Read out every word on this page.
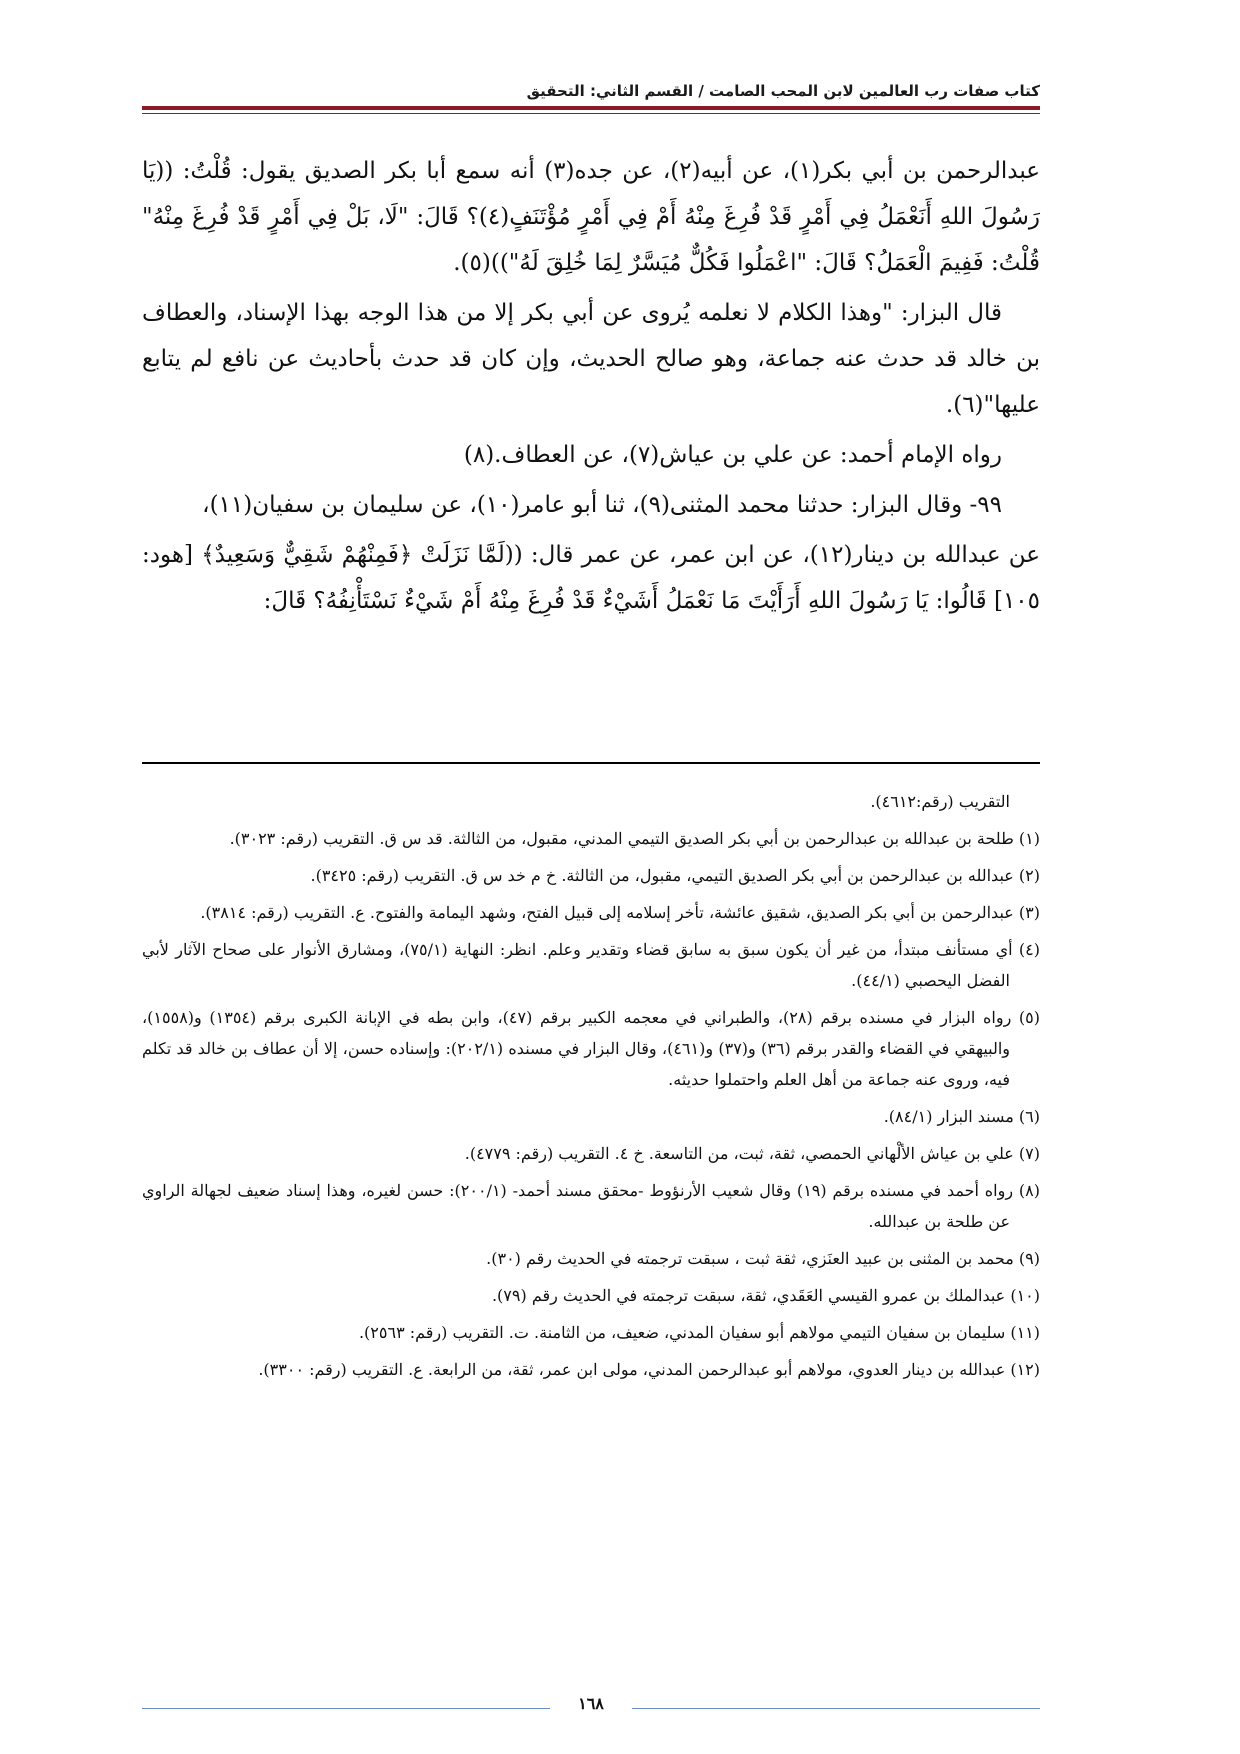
كتاب صفات رب العالمين لابن المحب الصامت / القسم الثاني: التحقيق

عبدالرحمن بن أبي بكر(١)، عن أبيه(٢)، عن جده(٣) أنه سمع أبا بكر الصديق يقول: قُلْتُ: ((يَا رَسُولَ اللهِ أَنَعْمَلُ فِي أَمْرٍ قَدْ فُرِغَ مِنْهُ أَمْ فِي أَمْرٍ مُؤْتَنَفٍ(٤)؟ قَالَ: "لَا، بَلْ فِي أَمْرٍ قَدْ فُرِغَ مِنْهُ" قُلْتُ: فَفِيمَ الْعَمَلُ؟ قَالَ: "اعْمَلُوا فَكُلٌّ مُيَسَّرٌ لِمَا خُلِقَ لَهُ"))(٥).

قال البزار: "وهذا الكلام لا نعلمه يُروى عن أبي بكر إلا من هذا الوجه بهذا الإسناد، والعطاف بن خالد قد حدث عنه جماعة، وهو صالح الحديث، وإن كان قد حدث بأحاديث عن نافع لم يتابع عليها"(٦).

رواه الإمام أحمد: عن علي بن عياش(٧)، عن العطاف.(٨)

٩٩- وقال البزار: حدثنا محمد المثنى(٩)، ثنا أبو عامر(١٠)، عن سليمان بن سفيان(١١)،

عن عبدالله بن دينار(١٢)، عن ابن عمر، عن عمر قال: ((لَمَّا نَزَلَتْ ﴿فَمِنْهُمْ شَقِيٌّ وَسَعِيدٌ﴾ [هود: ١٠٥] قَالُوا: يَا رَسُولَ اللهِ أَرَأَيْتَ مَا نَعْمَلُ أَشَيْءٌ قَدْ فُرِغَ مِنْهُ أَمْ شَيْءٌ نَسْتَأْنِفُهُ؟ قَالَ:

التقريب (رقم:٤٦١٢).

(١) طلحة بن عبدالله بن عبدالرحمن بن أبي بكر الصديق التيمي المدني، مقبول، من الثالثة. قد س ق. التقريب (رقم: ٣٠٢٣).

(٢) عبدالله بن عبدالرحمن بن أبي بكر الصديق التيمي، مقبول، من الثالثة. خ م خد س ق. التقريب (رقم: ٣٤٢٥).

(٣) عبدالرحمن بن أبي بكر الصديق، شقيق عائشة، تأخر إسلامه إلى قبيل الفتح، وشهد اليمامة والفتوح. ع. التقريب (رقم: ٣٨١٤).

(٤) أي مستأنف مبتدأ، من غير أن يكون سبق به سابق قضاء وتقدير وعلم. انظر: النهاية (٧٥/١)، ومشارق الأنوار على صحاح الآثار لأبي الفضل اليحصبي (٤٤/١).

(٥) رواه البزار في مسنده برقم (٢٨)، والطبراني في معجمه الكبير برقم (٤٧)، وابن بطه في الإبانة الكبرى برقم (١٣٥٤) و(١٥٥٨)، والبيهقي في القضاء والقدر برقم (٣٦) و(٣٧) و(٤٦١)، وقال البزار في مسنده (٢٠٢/١): وإسناده حسن، إلا أن عطاف بن خالد قد تكلم فيه، وروى عنه جماعة من أهل العلم واحتملوا حديثه.

(٦) مسند البزار (٨٤/١).

(٧) علي بن عياش الألْهاني الحمصي، ثقة، ثبت، من التاسعة. خ ٤. التقريب (رقم: ٤٧٧٩).

(٨) رواه أحمد في مسنده برقم (١٩) وقال شعيب الأرنؤوط -محقق مسند أحمد- (٢٠٠/١): حسن لغيره، وهذا إسناد ضعيف لجهالة الراوي عن طلحة بن عبدالله.

(٩) محمد بن المثنى بن عبيد العنَزي، ثقة ثبت ، سبقت ترجمته في الحديث رقم (٣٠).

(١٠) عبدالملك بن عمرو القيسي العَقَدي، ثقة، سبقت ترجمته في الحديث رقم (٧٩).

(١١) سليمان بن سفيان التيمي مولاهم أبو سفيان المدني، ضعيف، من الثامنة. ت. التقريب (رقم: ٢٥٦٣).

(١٢) عبدالله بن دينار العدوي، مولاهم أبو عبدالرحمن المدني، مولى ابن عمر، ثقة، من الرابعة. ع. التقريب (رقم: ٣٣٠٠).

١٦٨
